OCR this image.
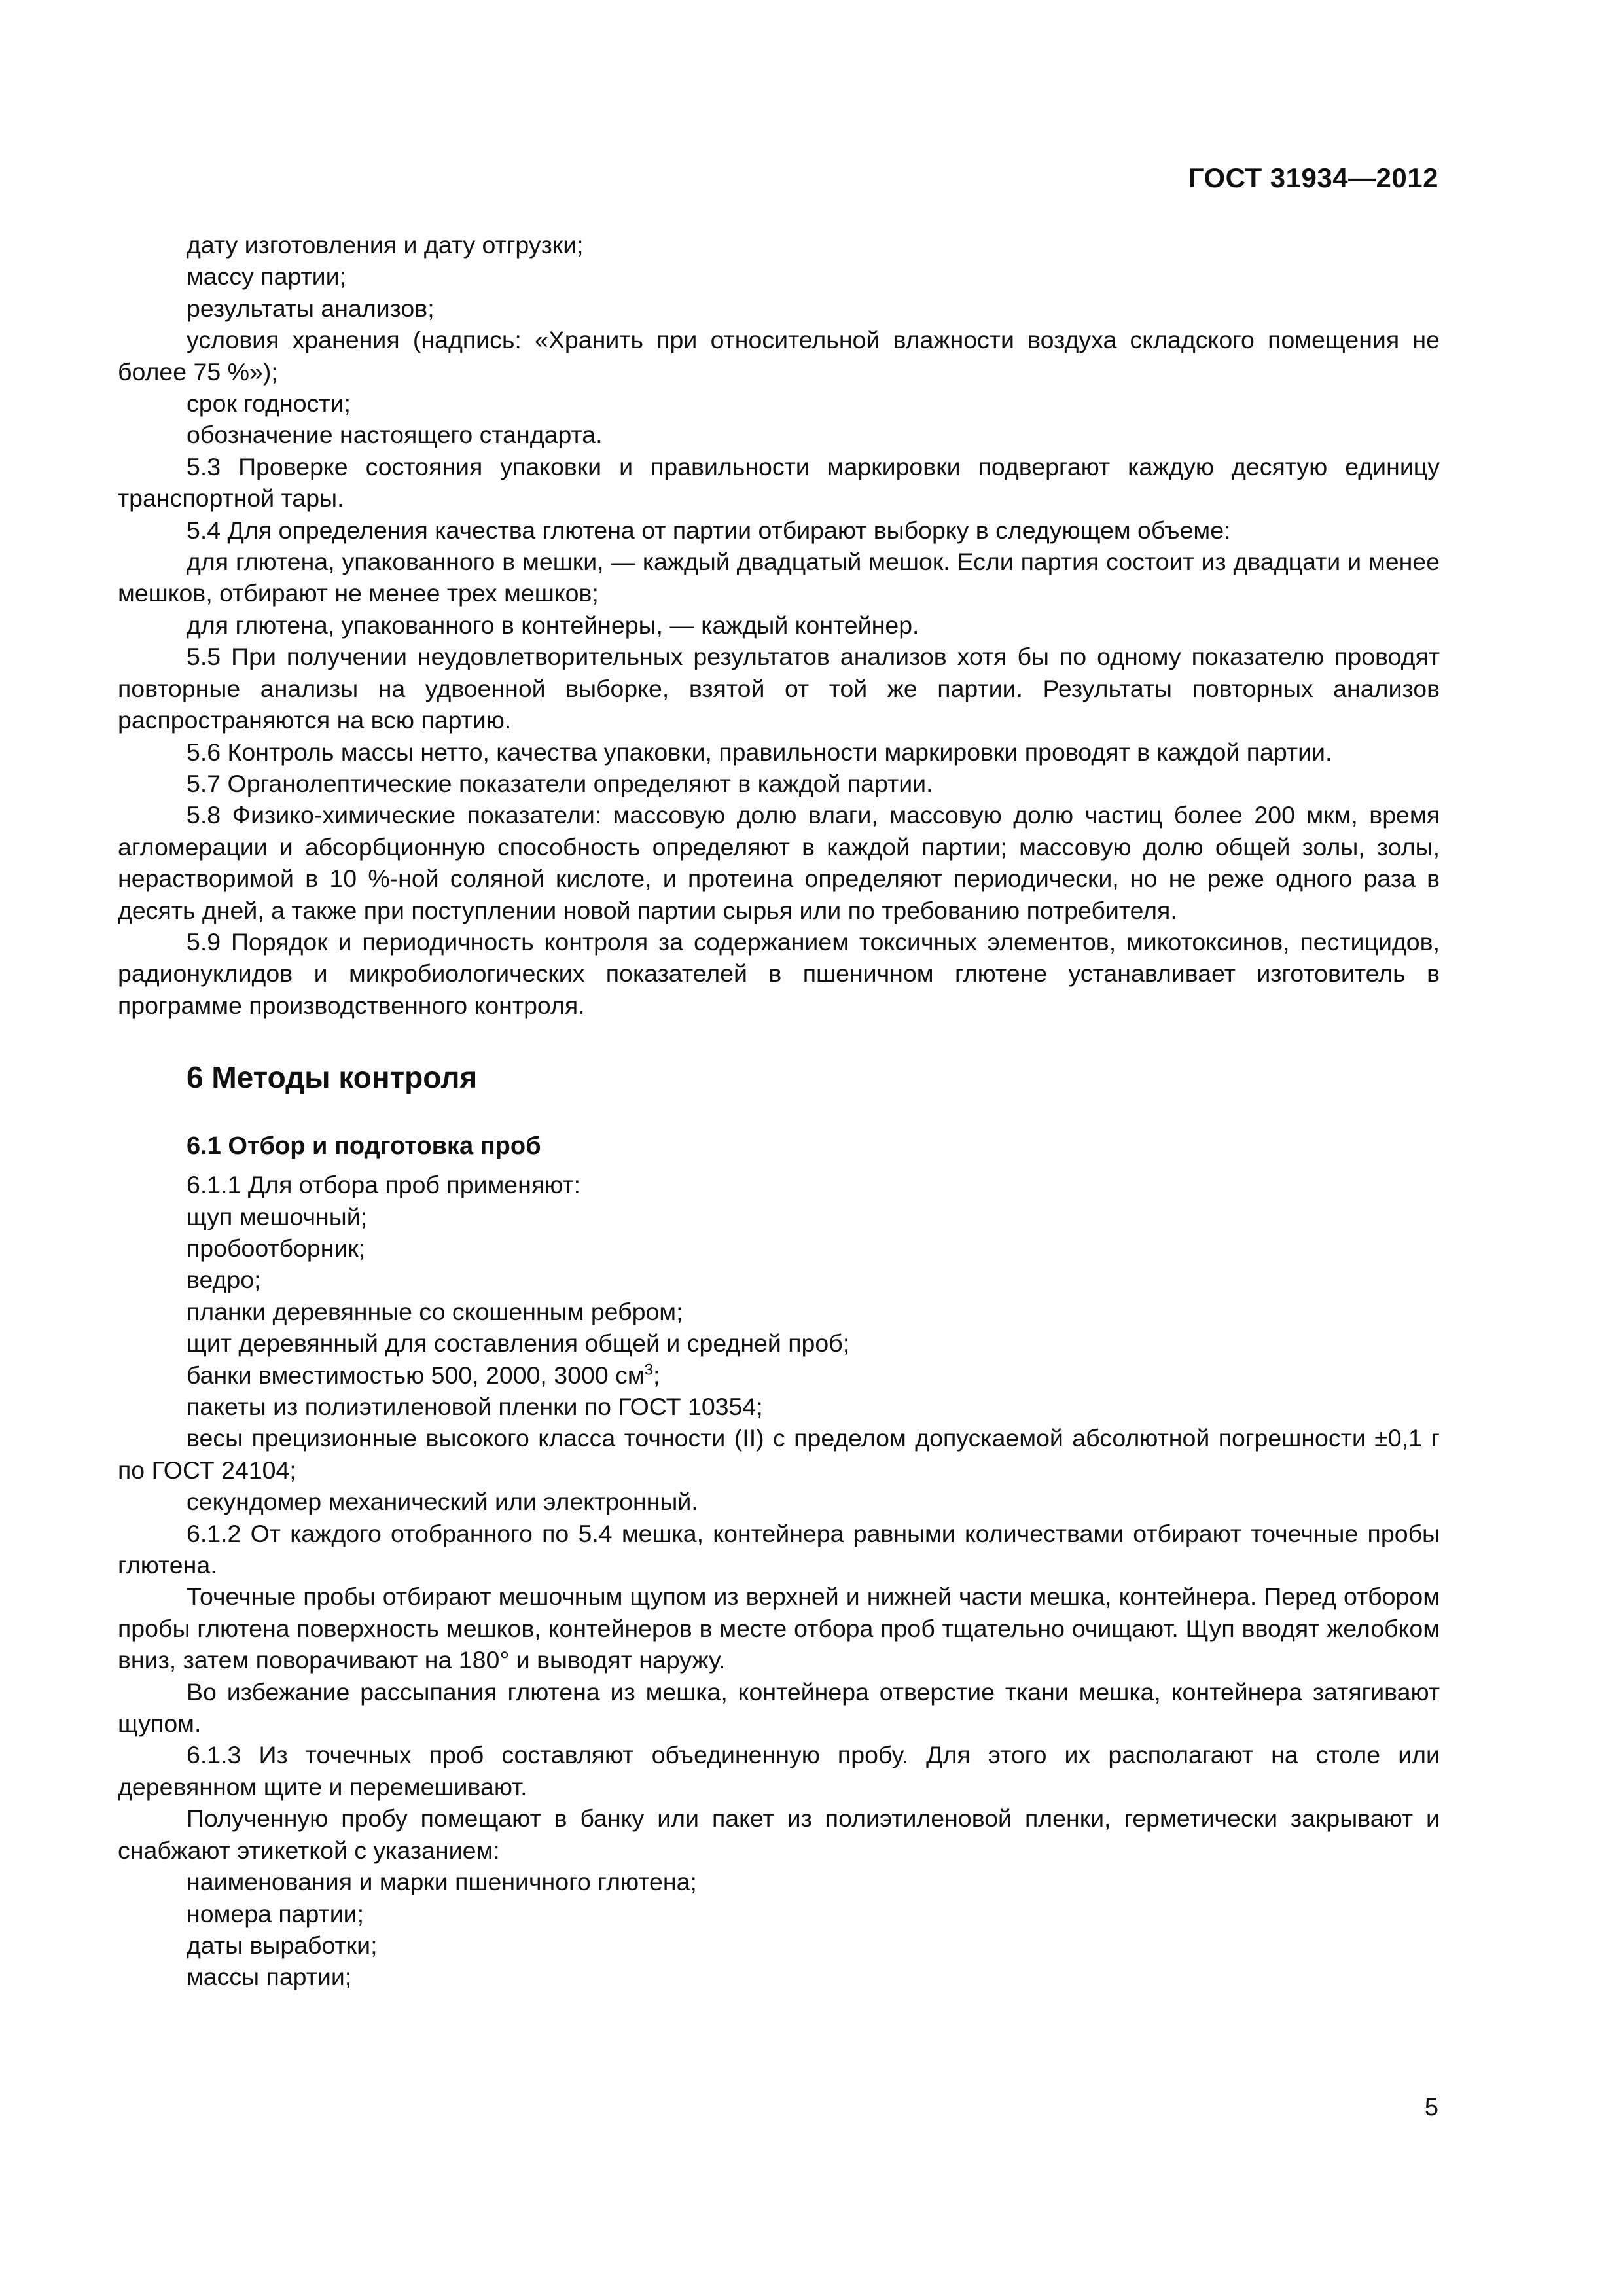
ГОСТ 31934—2012

дату изготовления и дату отгрузки;

массу партии;

результаты анализов;

условия хранения (надпись: «Хранить при относительной влажности воздуха складского помещения не более 75 %»);

срок годности;

обозначение настоящего стандарта.

5.3 Проверке состояния упаковки и правильности маркировки подвергают каждую десятую единицу транспортной тары.

5.4 Для определения качества глютена от партии отбирают выборку в следующем объеме:

для глютена, упакованного в мешки, — каждый двадцатый мешок. Если партия состоит из двадцати и менее мешков, отбирают не менее трех мешков;

для глютена, упакованного в контейнеры, — каждый контейнер.

5.5 При получении неудовлетворительных результатов анализов хотя бы по одному показателю проводят повторные анализы на удвоенной выборке, взятой от той же партии. Результаты повторных анализов распространяются на всю партию.

5.6 Контроль массы нетто, качества упаковки, правильности маркировки проводят в каждой партии.

5.7 Органолептические показатели определяют в каждой партии.

5.8 Физико-химические показатели: массовую долю влаги, массовую долю частиц более 200 мкм, время агломерации и абсорбционную способность определяют в каждой партии; массовую долю общей золы, золы, нерастворимой в 10 %-ной соляной кислоте, и протеина определяют периодически, но не реже одного раза в десять дней, а также при поступлении новой партии сырья или по требованию потребителя.

5.9 Порядок и периодичность контроля за содержанием токсичных элементов, микотоксинов, пестицидов, радионуклидов и микробиологических показателей в пшеничном глютене устанавливает изготовитель в программе производственного контроля.

6 Методы контроля
6.1 Отбор и подготовка проб

6.1.1 Для отбора проб применяют:

щуп мешочный;

пробоотборник;

ведро;

планки деревянные со скошенным ребром;

щит деревянный для составления общей и средней проб;

банки вместимостью 500, 2000, 3000 $см^3$;

пакеты из полиэтиленовой пленки по ГОСТ 10354;

весы прецизионные высокого класса точности (II) с пределом допускаемой абсолютной погрешности ±0,1 г по ГОСТ 24104;

секундомер механический или электронный.

6.1.2 От каждого отобранного по 5.4 мешка, контейнера равными количествами отбирают точечные пробы глютена.

Точечные пробы отбирают мешочным щупом из верхней и нижней части мешка, контейнера. Перед отбором пробы глютена поверхность мешков, контейнеров в месте отбора проб тщательно очищают. Щуп вводят желобком вниз, затем поворачивают на 180° и выводят наружу.

Во избежание рассыпания глютена из мешка, контейнера отверстие ткани мешка, контейнера затягивают щупом.

6.1.3 Из точечных проб составляют объединенную пробу. Для этого их располагают на столе или деревянном щите и перемешивают.

Полученную пробу помещают в банку или пакет из полиэтиленовой пленки, герметически закрывают и снабжают этикеткой с указанием:

наименования и марки пшеничного глютена;

номера партии;

даты выработки;

массы партии;

5
